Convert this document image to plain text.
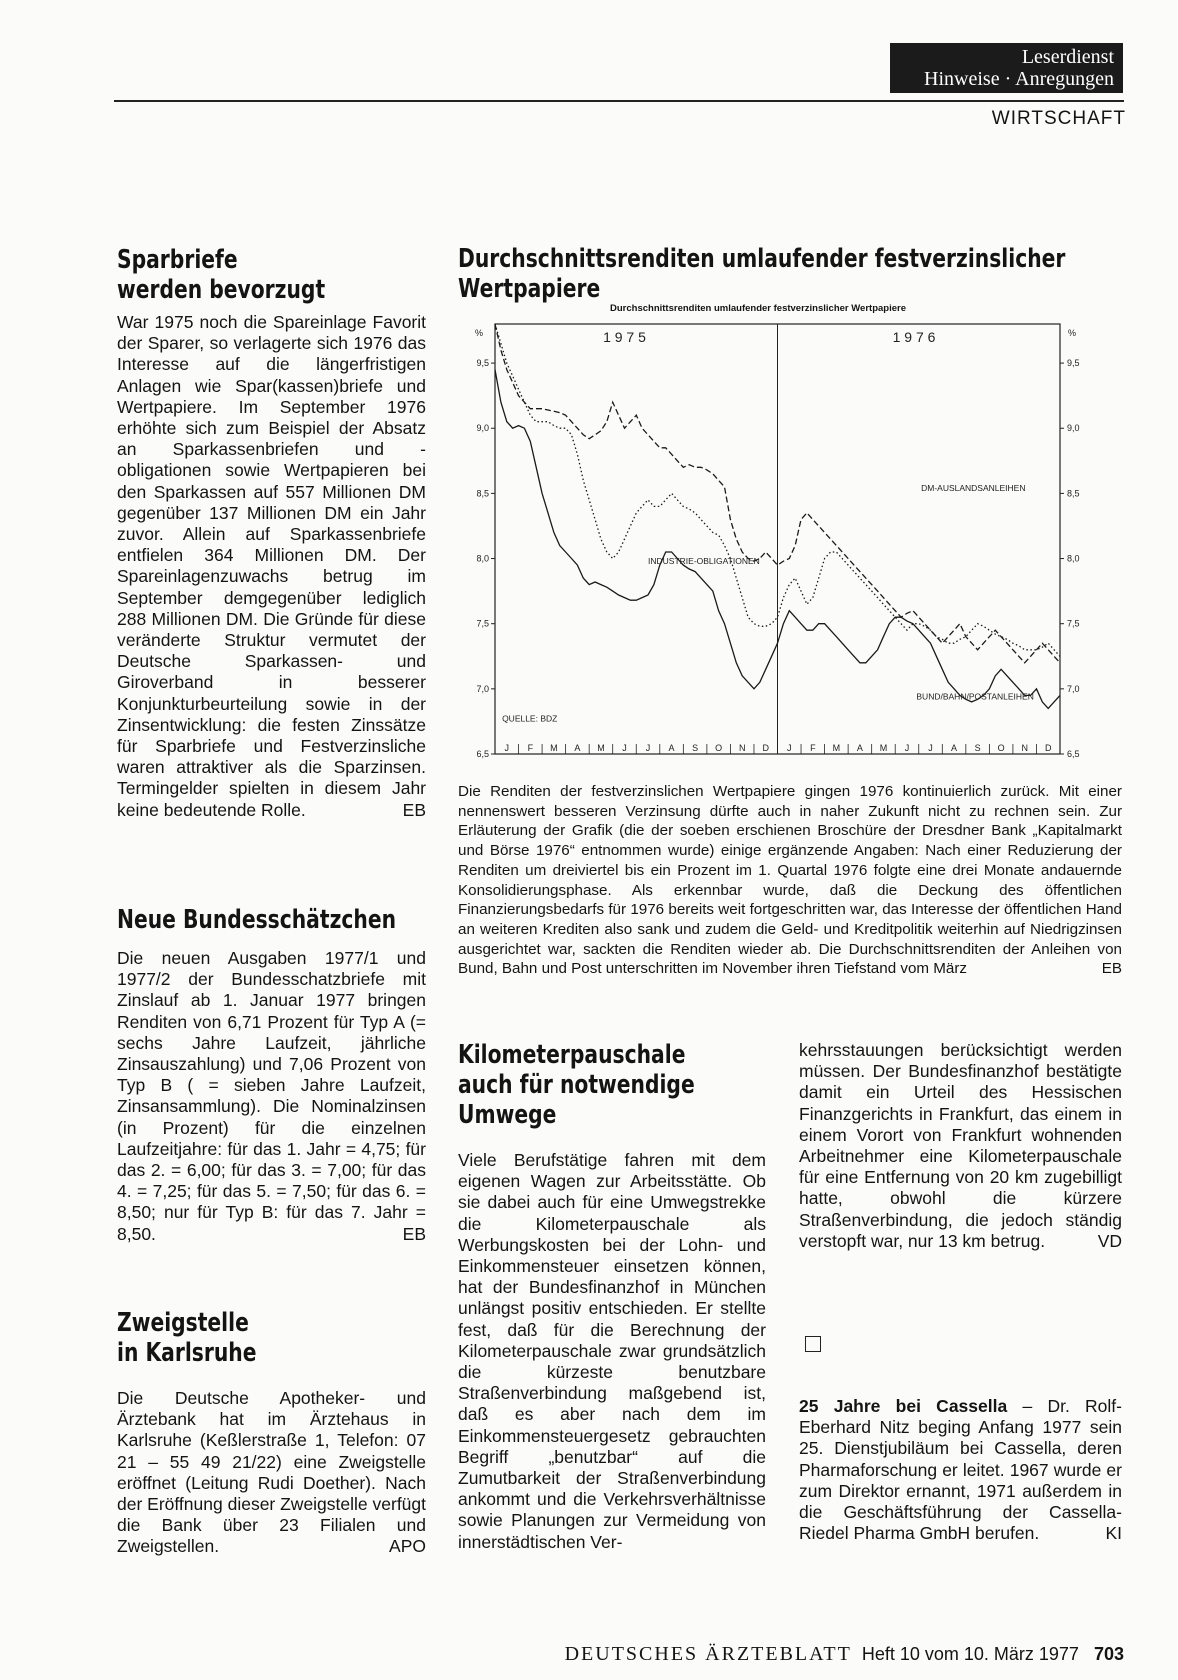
Leserdienst
Hinweise · Anregungen
WIRTSCHAFT
Sparbriefe
werden bevorzugt

War 1975 noch die Spareinlage Favorit der Sparer, so verlagerte sich 1976 das Interesse auf die längerfristigen Anlagen wie Spar(kassen)briefe und Wertpapiere. Im September 1976 erhöhte sich zum Beispiel der Absatz an Sparkassenbriefen und -obligationen sowie Wertpapieren bei den Sparkassen auf 557 Millionen DM gegenüber 137 Millionen DM ein Jahr zuvor. Allein auf Sparkassenbriefe entfielen 364 Millionen DM. Der Spareinlagenzuwachs betrug im September demgegenüber lediglich 288 Millionen DM. Die Gründe für diese veränderte Struktur vermutet der Deutsche Sparkassen- und Giroverband in besserer Konjunkturbeurteilung sowie in der Zinsentwicklung: die festen Zinssätze für Sparbriefe und Festverzinsliche waren attraktiver als die Sparzinsen. Termingelder spielten in diesem Jahr keine bedeutende Rolle.	EB

Neue Bundesschätzchen

Die neuen Ausgaben 1977/1 und 1977/2 der Bundesschatzbriefe mit Zinslauf ab 1. Januar 1977 bringen Renditen von 6,71 Prozent für Typ A (= sechs Jahre Laufzeit, jährliche Zinsauszahlung) und 7,06 Prozent von Typ B ( = sieben Jahre Laufzeit, Zinsansammlung). Die Nominalzinsen (in Prozent) für die einzelnen Laufzeitjahre: für das 1. Jahr = 4,75; für das 2. = 6,00; für das 3. = 7,00; für das 4. = 7,25; für das 5. = 7,50; für das 6. = 8,50; nur für Typ B: für das 7. Jahr = 8,50.	EB

Zweigstelle
in Karlsruhe

Die Deutsche Apotheker- und Ärztebank hat im Ärztehaus in Karlsruhe (Keßlerstraße 1, Telefon: 07 21 – 55 49 21/22) eine Zweigstelle eröffnet (Leitung Rudi Doether). Nach der Eröffnung dieser Zweigstelle verfügt die Bank über 23 Filialen und Zweigstellen.	APO

Durchschnittsrenditen umlaufender festverzinslicher
Wertpapiere
Durchschnittsrenditen umlaufender festverzinslicher Wertpapiere
6,5	6,5
7,0	7,0
7,5	7,5
8,0	8,0
8,5	8,5
9,0	9,0
9,5	9,5
%	%
1 9 7 5	1 9 7 6
J F M A M J J A S O N D J F M A M J J A S O N D
DM-AUSLANDSANLEIHEN
INDUSTRIE-OBLIGATIONEN
BUND/BAHN/POSTANLEIHEN
QUELLE: BDZ
Die Renditen der festverzinslichen Wertpapiere gingen 1976 kontinuierlich zurück. Mit einer nennenswert besseren Verzinsung dürfte auch in naher Zukunft nicht zu rechnen sein. Zur Erläuterung der Grafik (die der soeben erschienen Broschüre der Dresdner Bank „Kapitalmarkt und Börse 1976“ entnommen wurde) einige ergänzende Angaben: Nach einer Reduzierung der Renditen um dreiviertel bis ein Prozent im 1. Quartal 1976 folgte eine drei Monate andauernde Konsolidierungsphase. Als erkennbar wurde, daß die Deckung des öffentlichen Finanzierungsbedarfs für 1976 bereits weit fortgeschritten war, das Interesse der öffentlichen Hand an weiteren Krediten also sank und zudem die Geld- und Kreditpolitik weiterhin auf Niedrigzinsen ausgerichtet war, sackten die Renditen wieder ab. Die Durchschnittsrenditen der Anleihen von Bund, Bahn und Post unterschritten im November ihren Tiefstand vom März	EB
Kilometerpauschale
auch für notwendige
Umwege

Viele Berufstätige fahren mit dem eigenen Wagen zur Arbeitsstätte. Ob sie dabei auch für eine Umwegstrekke die Kilometerpauschale als Werbungskosten bei der Lohn- und Einkommensteuer einsetzen können, hat der Bundesfinanzhof in München unlängst positiv entschieden. Er stellte fest, daß für die Berechnung der Kilometerpauschale zwar grundsätzlich die kürzeste benutzbare Straßenverbindung maßgebend ist, daß es aber nach dem im Einkommensteuergesetz gebrauchten Begriff „benutzbar“ auf die Zumutbarkeit der Straßenverbindung ankommt und die Verkehrsverhältnisse sowie Planungen zur Vermeidung von innerstädtischen Ver-

kehrsstauungen berücksichtigt werden müssen. Der Bundesfinanzhof bestätigte damit ein Urteil des Hessischen Finanzgerichts in Frankfurt, das einem in einem Vorort von Frankfurt wohnenden Arbeitnehmer eine Kilometerpauschale für eine Entfernung von 20 km zugebilligt hatte, obwohl die kürzere Straßenverbindung, die jedoch ständig verstopft war, nur 13 km betrug.	VD

25 Jahre bei Cassella – Dr. Rolf-Eberhard Nitz beging Anfang 1977 sein 25. Dienstjubiläum bei Cassella, deren Pharmaforschung er leitet. 1967 wurde er zum Direktor ernannt, 1971 außerdem in die Geschäftsführung der Cassella-Riedel Pharma GmbH berufen.	KI

DEUTSCHES ÄRZTEBLATT Heft 10 vom 10. März 1977 703
